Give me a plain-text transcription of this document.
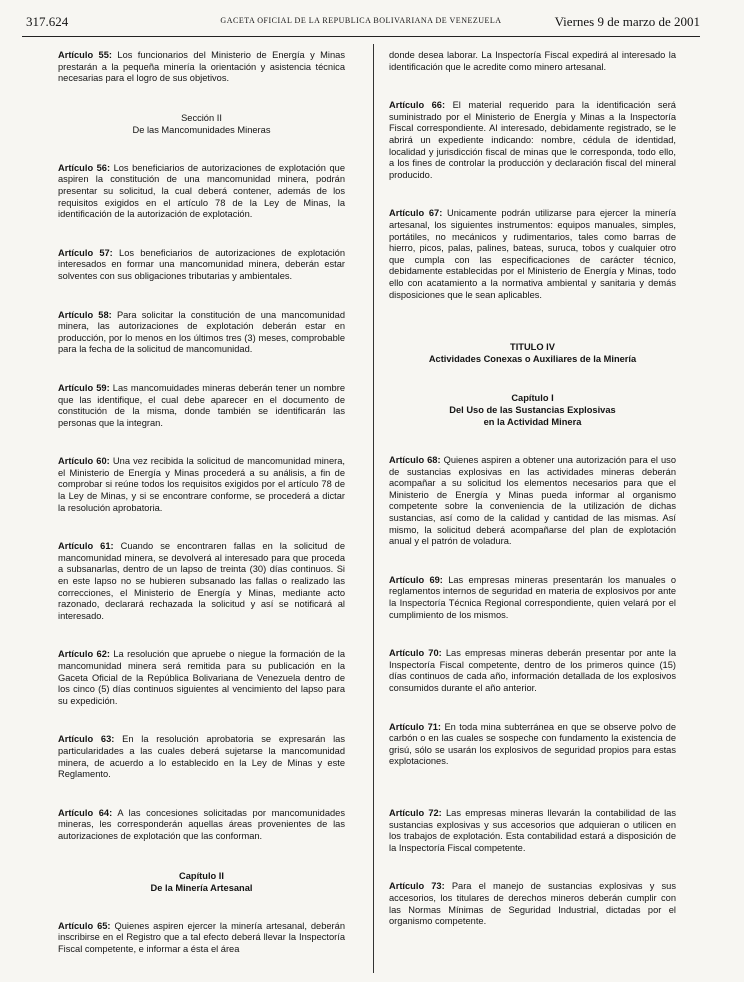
317.624	GACETA OFICIAL DE LA REPUBLICA BOLIVARIANA DE VENEZUELA	Viernes 9 de marzo de 2001

Artículo 55: Los funcionarios del Ministerio de Energía y Minas prestarán a la pequeña minería la orientación y asistencia técnica necesarias para el logro de sus objetivos.

Sección II
De las Mancomunidades Mineras

Artículo 56: Los beneficiarios de autorizaciones de explotación que aspiren la constitución de una mancomunidad minera, podrán presentar su solicitud, la cual deberá contener, además de los requisitos exigidos en el artículo 78 de la Ley de Minas, la identificación de la autorización de explotación.

Artículo 57: Los beneficiarios de autorizaciones de explotación interesados en formar una mancomunidad minera, deberán estar solventes con sus obligaciones tributarias y ambientales.

Artículo 58: Para solicitar la constitución de una mancomunidad minera, las autorizaciones de explotación deberán estar en producción, por lo menos en los últimos tres (3) meses, comprobable para la fecha de la solicitud de mancomunidad.

Artículo 59: Las mancomuidades mineras deberán tener un nombre que las identifique, el cual debe aparecer en el documento de constitución de la misma, donde también se identificarán las personas que la integran.

Artículo 60: Una vez recibida la solicitud de mancomunidad minera, el Ministerio de Energía y Minas procederá a su análisis, a fin de comprobar si reúne todos los requisitos exigidos por el artículo 78 de la Ley de Minas, y si se encontrare conforme, se procederá a dictar la resolución aprobatoria.

Artículo 61: Cuando se encontraren fallas en la solicitud de mancomunidad minera, se devolverá al interesado para que proceda a subsanarlas, dentro de un lapso de treinta (30) días continuos. Si en este lapso no se hubieren subsanado las fallas o realizado las correcciones, el Ministerio de Energía y Minas, mediante acto razonado, declarará rechazada la solicitud y así se notificará al interesado.

Artículo 62: La resolución que apruebe o niegue la formación de la mancomunidad minera será remitida para su publicación en la Gaceta Oficial de la República Bolivariana de Venezuela dentro de los cinco (5) días continuos siguientes al vencimiento del lapso para su expedición.

Artículo 63: En la resolución aprobatoria se expresarán las particularidades a las cuales deberá sujetarse la mancomunidad minera, de acuerdo a lo establecido en la Ley de Minas y este Reglamento.

Artículo 64: A las concesiones solicitadas por mancomunidades mineras, les corresponderán aquellas áreas provenientes de las autorizaciones de explotación que las conforman.

Capítulo II
De la Minería Artesanal

Artículo 65: Quienes aspiren ejercer la minería artesanal, deberán inscribirse en el Registro que a tal efecto deberá llevar la Inspectoría Fiscal competente, e informar a ésta el área

donde desea laborar. La Inspectoría Fiscal expedirá al interesado la identificación que le acredite como minero artesanal.

Artículo 66: El material requerido para la identificación será suministrado por el Ministerio de Energía y Minas a la Inspectoría Fiscal correspondiente. Al interesado, debidamente registrado, se le abrirá un expediente indicando: nombre, cédula de identidad, localidad y jurisdicción fiscal de minas que le corresponda, todo ello, a los fines de controlar la producción y declaración fiscal del mineral producido.

Artículo 67: Unicamente podrán utilizarse para ejercer la minería artesanal, los siguientes instrumentos: equipos manuales, simples, portátiles, no mecánicos y rudimentarios, tales como barras de hierro, picos, palas, palines, bateas, suruca, tobos y cualquier otro que cumpla con las especificaciones de carácter técnico, debidamente establecidas por el Ministerio de Energía y Minas, todo ello con acatamiento a la normativa ambiental y sanitaria y demás disposiciones que le sean aplicables.

TITULO IV
Actividades Conexas o Auxiliares de la Minería
Capítulo I
Del Uso de las Sustancias Explosivas
en la Actividad Minera

Artículo 68: Quienes aspiren a obtener una autorización para el uso de sustancias explosivas en las actividades mineras deberán acompañar a su solicitud los elementos necesarios para que el Ministerio de Energía y Minas pueda informar al organismo competente sobre la conveniencia de la utilización de dichas sustancias, así como de la calidad y cantidad de las mismas. Así mismo, la solicitud deberá acompañarse del plan de explotación anual y el patrón de voladura.

Artículo 69: Las empresas mineras presentarán los manuales o reglamentos internos de seguridad en materia de explosivos por ante la Inspectoría Técnica Regional correspondiente, quien velará por el cumplimiento de los mismos.

Artículo 70: Las empresas mineras deberán presentar por ante la Inspectoría Fiscal competente, dentro de los primeros quince (15) días continuos de cada año, información detallada de los explosivos consumidos durante el año anterior.

Artículo 71: En toda mina subterránea en que se observe polvo de carbón o en las cuales se sospeche con fundamento la existencia de grisú, sólo se usarán los explosivos de seguridad propios para estas explotaciones.

Artículo 72: Las empresas mineras llevarán la contabilidad de las sustancias explosivas y sus accesorios que adquieran o utilicen en los trabajos de explotación. Esta contabilidad estará a disposición de la Inspectoría Fiscal competente.

Artículo 73: Para el manejo de sustancias explosivas y sus accesorios, los titulares de derechos mineros deberán cumplir con las Normas Mínimas de Seguridad Industrial, dictadas por el organismo competente.
